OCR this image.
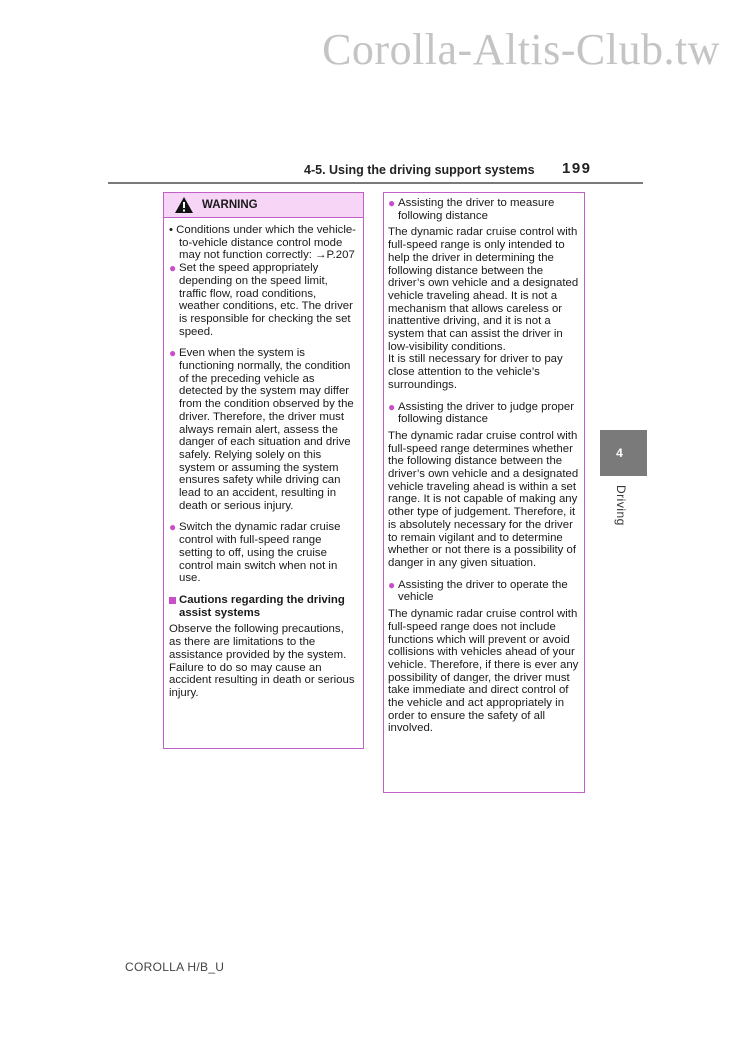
Corolla-Altis-Club.tw
4-5. Using the driving support systems 199
WARNING

• Conditions under which the vehicle-to-vehicle distance control mode may not function correctly: →P.207

● Set the speed appropriately depending on the speed limit, traffic flow, road conditions, weather conditions, etc. The driver is responsible for checking the set speed.

● Even when the system is functioning normally, the condition of the preceding vehicle as detected by the system may differ from the condition observed by the driver. Therefore, the driver must always remain alert, assess the danger of each situation and drive safely. Relying solely on this system or assuming the system ensures safety while driving can lead to an accident, resulting in death or serious injury.

● Switch the dynamic radar cruise control with full-speed range setting to off, using the cruise control main switch when not in use.

Cautions regarding the driving assist systems

Observe the following precautions, as there are limitations to the assistance provided by the system.

Failure to do so may cause an accident resulting in death or serious injury.

● Assisting the driver to measure following distance

The dynamic radar cruise control with full-speed range is only intended to help the driver in determining the following distance between the driver’s own vehicle and a designated vehicle traveling ahead. It is not a mechanism that allows careless or inattentive driving, and it is not a system that can assist the driver in low-visibility conditions.

It is still necessary for driver to pay close attention to the vehicle’s surroundings.

● Assisting the driver to judge proper following distance

The dynamic radar cruise control with full-speed range determines whether the following distance between the driver’s own vehicle and a designated vehicle traveling ahead is within a set range. It is not capable of making any other type of judgement. Therefore, it is absolutely necessary for the driver to remain vigilant and to determine whether or not there is a possibility of danger in any given situation.

● Assisting the driver to operate the vehicle

The dynamic radar cruise control with full-speed range does not include functions which will prevent or avoid collisions with vehicles ahead of your vehicle. Therefore, if there is ever any possibility of danger, the driver must take immediate and direct control of the vehicle and act appropriately in order to ensure the safety of all involved.

4
Driving
COROLLA H/B_U
